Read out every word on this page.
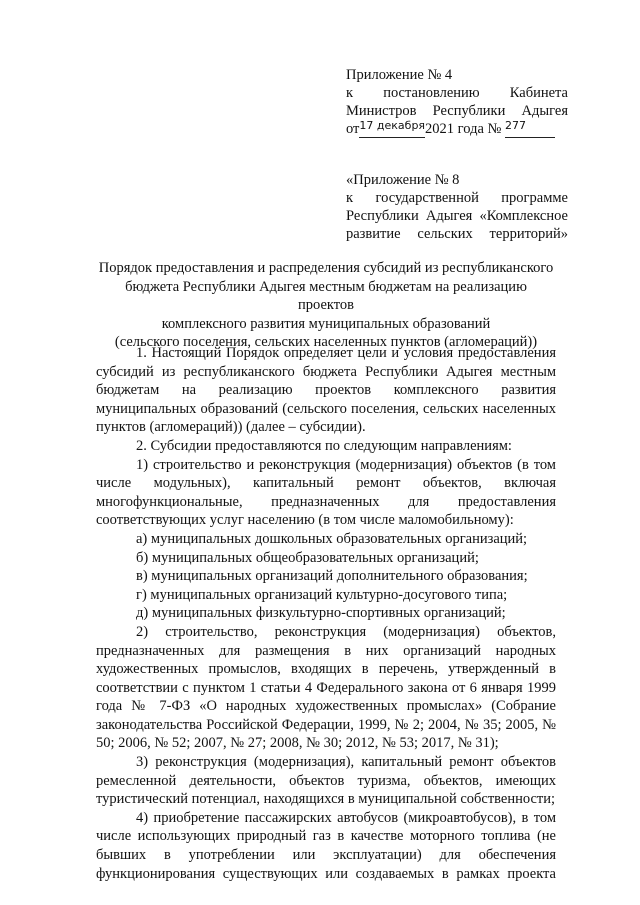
Приложение № 4
к постановлению Кабинета
Министров Республики Адыгея
$от^{17 декабря}2021$ года № $^{277}$
«Приложение № 8
к государственной программе
Республики Адыгея «Комплексное
развитие сельских территорий»
Порядок предоставления и распределения субсидий из республиканского
бюджета Республики Адыгея местным бюджетам на реализацию проектов
комплексного развития муниципальных образований
(сельского поселения, сельских населенных пунктов (агломераций))

1. Настоящий Порядок определяет цели и условия предоставления субсидий из республиканского бюджета Республики Адыгея местным бюджетам на реализацию проектов комплексного развития муниципальных образований (сельского поселения, сельских населенных пунктов (агломераций)) (далее – субсидии).

2. Субсидии предоставляются по следующим направлениям:

1) строительство и реконструкция (модернизация) объектов (в том числе модульных), капитальный ремонт объектов, включая многофункциональные, предназначенных для предоставления соответствующих услуг населению (в том числе маломобильному):

а) муниципальных дошкольных образовательных организаций;

б) муниципальных общеобразовательных организаций;

в) муниципальных организаций дополнительного образования;

г) муниципальных организаций культурно-досугового типа;

д) муниципальных физкультурно-спортивных организаций;

2) строительство, реконструкция (модернизация) объектов, предназначенных для размещения в них организаций народных художественных промыслов, входящих в перечень, утвержденный в соответствии с пунктом 1 статьи 4 Федерального закона от 6 января 1999 года № 7-ФЗ «О народных художественных промыслах» (Собрание законодательства Российской Федерации, 1999, № 2; 2004, № 35; 2005, № 50; 2006, № 52; 2007, № 27; 2008, № 30; 2012, № 53; 2017, № 31);

3) реконструкция (модернизация), капитальный ремонт объектов ремесленной деятельности, объектов туризма, объектов, имеющих туристический потенциал, находящихся в муниципальной собственности;

4) приобретение пассажирских автобусов (микроавтобусов), в том числе использующих природный газ в качестве моторного топлива (не бывших в употреблении или эксплуатации) для обеспечения функционирования существующих или создаваемых в рамках проекта
